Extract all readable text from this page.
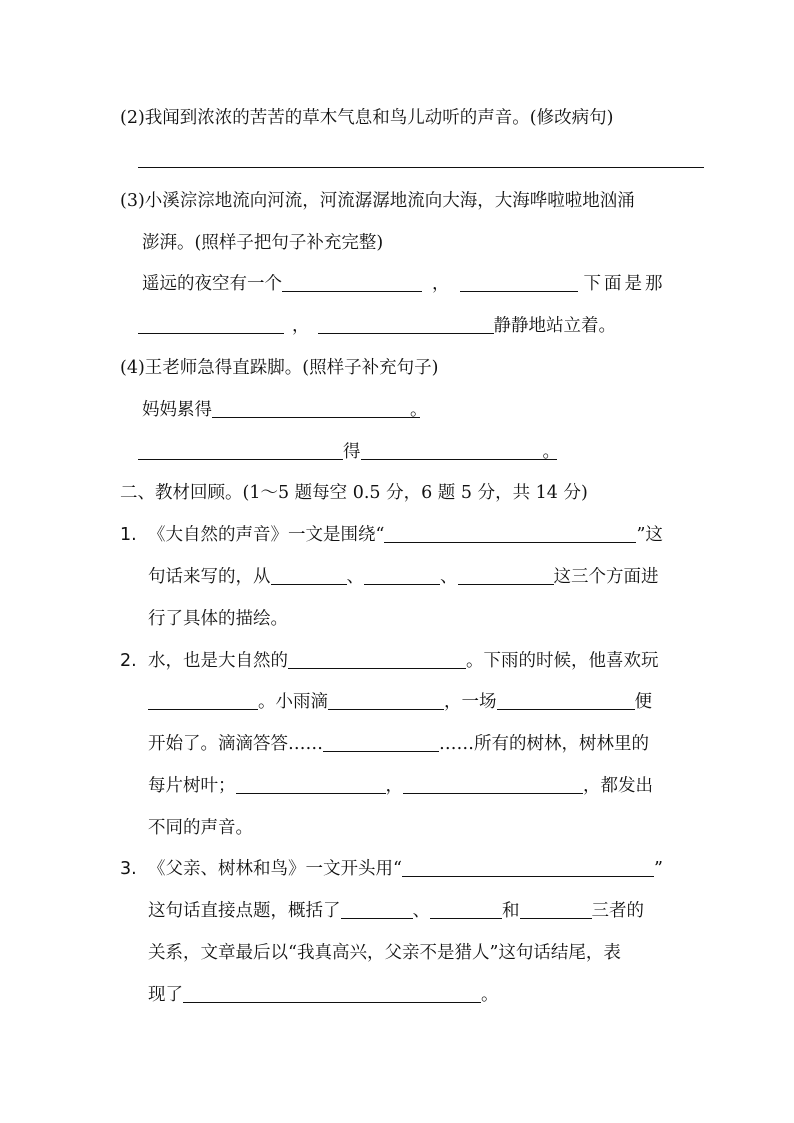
(2)我闻到浓浓的苦苦的草木气息和鸟儿动听的声音。(修改病句)
(3)小溪淙淙地流向河流，河流潺潺地流向大海，大海哗啦啦地汹涌
澎湃。(照样子把句子补充完整)
遥远的夜空有一个	，	下面是那
，	静静地站立着。
(4)王老师急得直跺脚。(照样子补充句子)
妈妈累得	。
得	。
二、教材回顾。(1～5 题每空 0.5 分，6 题 5 分，共 14 分)
1. 《大自然的声音》一文是围绕“	”这
句话来写的，从	、	、	这三个方面进
行了具体的描绘。
2. 水，也是大自然的	。下雨的时候，他喜欢玩
。小雨滴	，一场	便
开始了。滴滴答答……	……所有的树林，树林里的
每片树叶；	，	，都发出
不同的声音。
3. 《父亲、树林和鸟》一文开头用“	”
这句话直接点题，概括了	、	和	三者的
关系，文章最后以“我真高兴，父亲不是猎人”这句话结尾，表
现了	。
